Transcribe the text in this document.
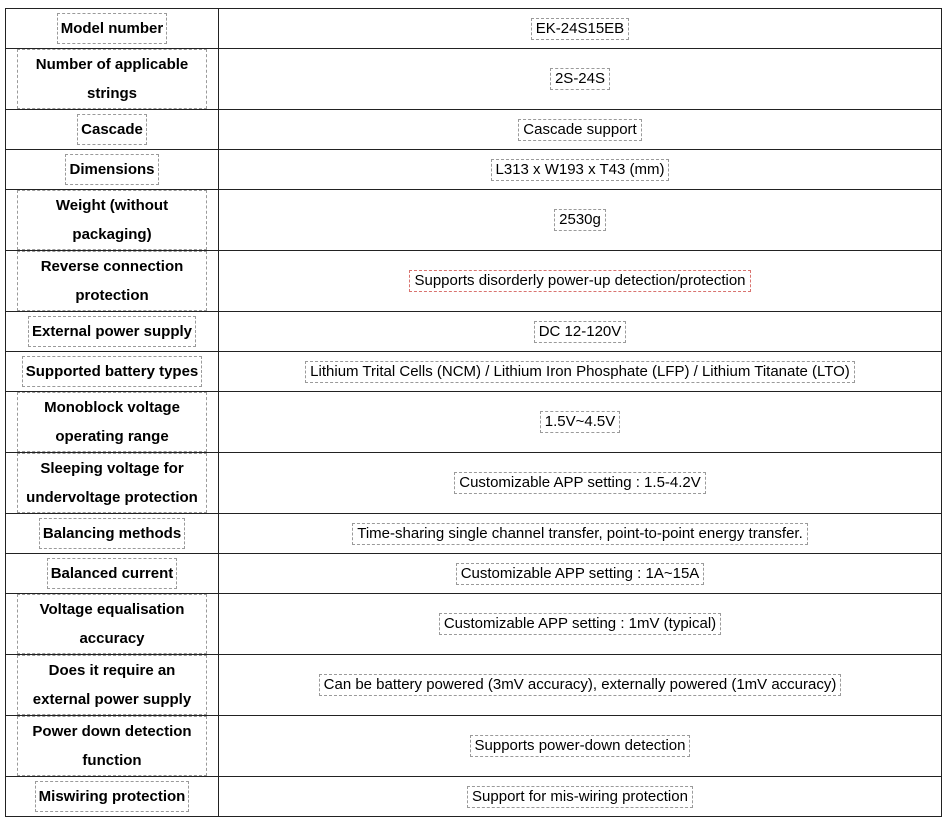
Model number	EK-24S15EB
Number of applicable strings	2S-24S
Cascade	Cascade support
Dimensions	L313 x W193 x T43 (mm)
Weight (without packaging)	2530g
Reverse connection protection	Supports disorderly power-up detection/protection
External power supply	DC 12-120V
Supported battery types	Lithium Trital Cells (NCM) / Lithium Iron Phosphate (LFP) / Lithium Titanate (LTO)
Monoblock voltage operating range	1.5V~4.5V
Sleeping voltage for undervoltage protection	Customizable APP setting : 1.5-4.2V
Balancing methods	Time-sharing single channel transfer, point-to-point energy transfer.
Balanced current	Customizable APP setting : 1A~15A
Voltage equalisation accuracy	Customizable APP setting : 1mV (typical)
Does it require an external power supply	Can be battery powered (3mV accuracy), externally powered (1mV accuracy)
Power down detection function	Supports power-down detection
Miswiring protection	Support for mis-wiring protection
